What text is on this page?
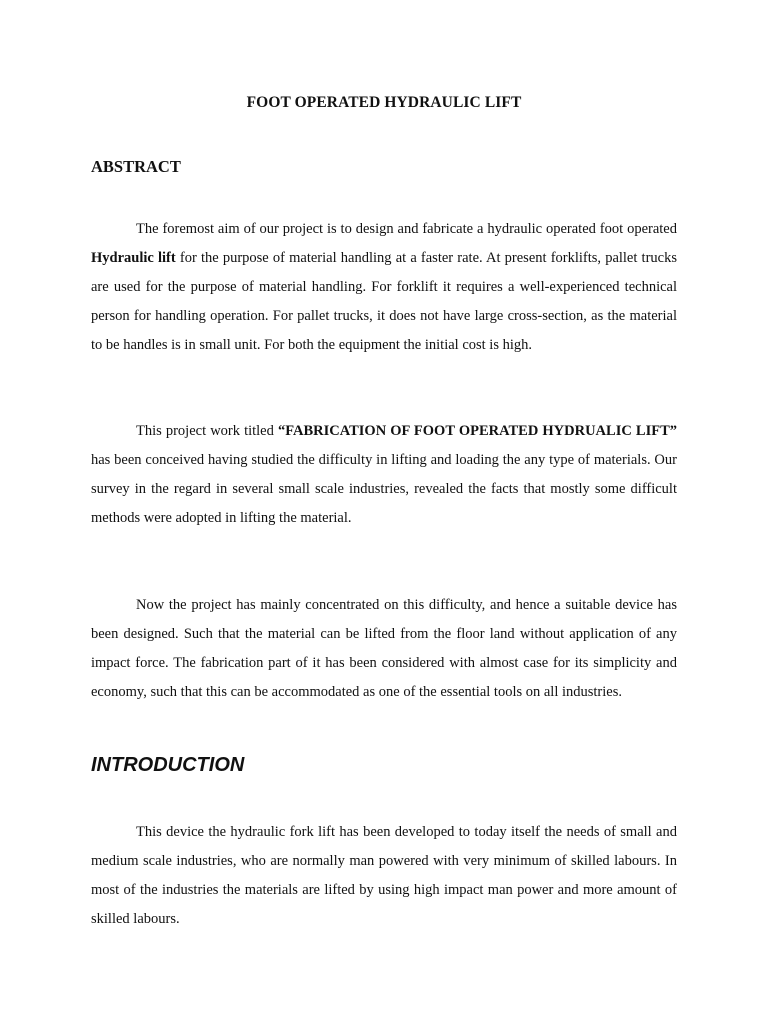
FOOT OPERATED HYDRAULIC LIFT
ABSTRACT

The foremost aim of our project is to design and fabricate a hydraulic operated foot operated Hydraulic lift for the purpose of material handling at a faster rate. At present forklifts, pallet trucks are used for the purpose of material handling. For forklift it requires a well-experienced technical person for handling operation. For pallet trucks, it does not have large cross-section, as the material to be handles is in small unit. For both the equipment the initial cost is high.

This project work titled “FABRICATION OF FOOT OPERATED HYDRUALIC LIFT” has been conceived having studied the difficulty in lifting and loading the any type of materials. Our survey in the regard in several small scale industries, revealed the facts that mostly some difficult methods were adopted in lifting the material.

Now the project has mainly concentrated on this difficulty, and hence a suitable device has been designed. Such that the material can be lifted from the floor land without application of any impact force. The fabrication part of it has been considered with almost case for its simplicity and economy, such that this can be accommodated as one of the essential tools on all industries.

INTRODUCTION

This device the hydraulic fork lift has been developed to today itself the needs of small and medium scale industries, who are normally man powered with very minimum of skilled labours. In most of the industries the materials are lifted by using high impact man power and more amount of skilled labours.
